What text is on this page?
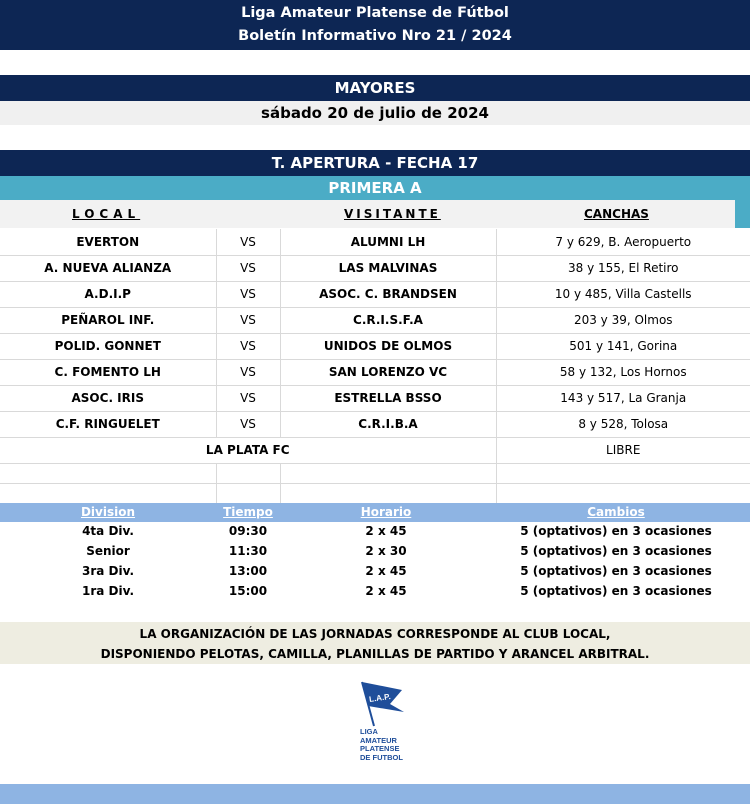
Liga Amateur Platense de Fútbol
Boletín Informativo Nro 21 / 2024
MAYORES
sábado 20 de julio de 2024
T. APERTURA - FECHA 17
PRIMERA A
LOCAL	VISITANTE	CANCHAS
EVERTON	VS	ALUMNI LH	7 y 629, B. Aeropuerto
A. NUEVA ALIANZA	VS	LAS MALVINAS	38 y 155, El Retiro
A.D.I.P	VS	ASOC. C. BRANDSEN	10 y 485, Villa Castells
PEÑAROL INF.	VS	C.R.I.S.F.A	203 y 39, Olmos
POLID. GONNET	VS	UNIDOS DE OLMOS	501 y 141, Gorina
C. FOMENTO LH	VS	SAN LORENZO VC	58 y 132, Los Hornos
ASOC. IRIS	VS	ESTRELLA BSSO	143 y 517, La Granja
C.F. RINGUELET	VS	C.R.I.B.A	8 y 528, Tolosa
LA PLATA FC			LIBRE

Division	Tiempo	Horario	Cambios
4ta Div.	09:30	2 x 45	5 (optativos) en 3 ocasiones
Senior	11:30	2 x 30	5 (optativos) en 3 ocasiones
3ra Div.	13:00	2 x 45	5 (optativos) en 3 ocasiones
1ra Div.	15:00	2 x 45	5 (optativos) en 3 ocasiones
LA ORGANIZACIÓN DE LAS JORNADAS CORRESPONDE AL CLUB LOCAL,
DISPONIENDO PELOTAS, CAMILLA, PLANILLAS DE PARTIDO Y ARANCEL ARBITRAL.
L.A.P.
LIGA
AMATEUR
PLATENSE
DE FUTBOL
